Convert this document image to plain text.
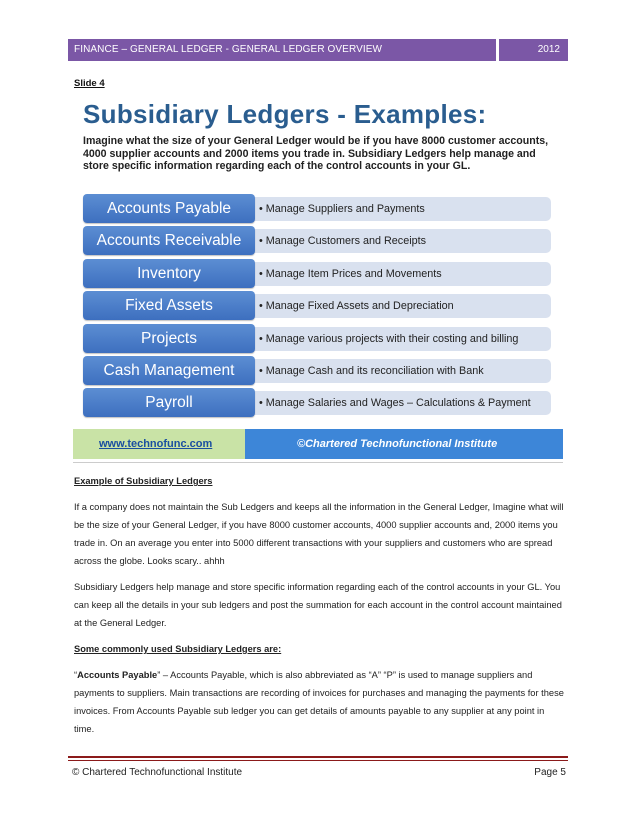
FINANCE – GENERAL LEDGER - GENERAL LEDGER OVERVIEW	2012
Slide 4
Subsidiary Ledgers - Examples:
Imagine what the size of your General Ledger would be if you have 8000 customer accounts, 4000 supplier accounts and 2000 items you trade in. Subsidiary Ledgers help manage and store specific information regarding each of the control accounts in your GL.
Accounts Payable	• Manage Suppliers and Payments
Accounts Receivable	• Manage Customers and Receipts
Inventory	• Manage Item Prices and Movements
Fixed Assets	• Manage Fixed Assets and Depreciation
Projects	• Manage various projects with their costing and billing
Cash Management	• Manage Cash and its reconciliation with Bank
Payroll	• Manage Salaries and Wages – Calculations & Payment
www.technofunc.com	©Chartered Technofunctional Institute

Example of Subsidiary Ledgers

If a company does not maintain the Sub Ledgers and keeps all the information in the General Ledger, Imagine what will be the size of your General Ledger, if you have 8000 customer accounts, 4000 supplier accounts and, 2000 items you trade in. On an average you enter into 5000 different transactions with your suppliers and customers who are spread across the globe. Looks scary.. ahhh

Subsidiary Ledgers help manage and store specific information regarding each of the control accounts in your GL. You can keep all the details in your sub ledgers and post the summation for each account in the control account maintained at the General Ledger.

Some commonly used Subsidiary Ledgers are:

“Accounts Payable” – Accounts Payable, which is also abbreviated as “A” “P” is used to manage suppliers and payments to suppliers. Main transactions are recording of invoices for purchases and managing the payments for these invoices. From Accounts Payable sub ledger you can get details of amounts payable to any supplier at any point in time.

© Chartered Technofunctional Institute	Page 5
